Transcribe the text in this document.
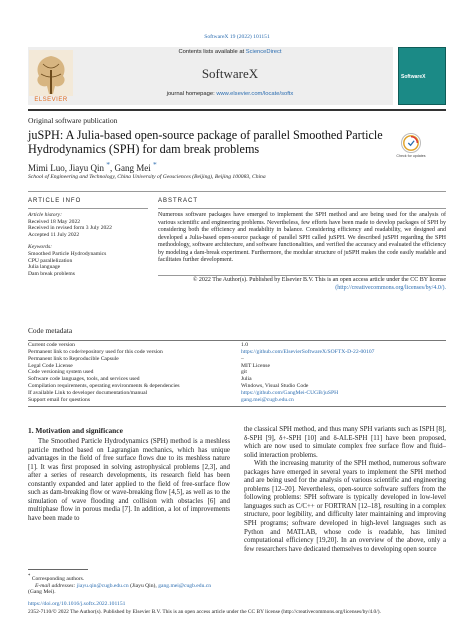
SoftwareX 19 (2022) 101151
ELSEVIER
Contents lists available at ScienceDirect
SoftwareX
journal homepage: www.elsevier.com/locate/softx
SoftwareX
Original software publication
juSPH: A Julia-based open-source package of parallel Smoothed Particle Hydrodynamics (SPH) for dam break problems	Check for updates
Mimi Luo, Jiayu Qin *, Gang Mei *
School of Engineering and Technology, China University of Geosciences (Beijing), Beijing 100083, China
ARTICLE INFO	ABSTRACT
Article history:
Received 18 May 2022
Received in revised form 3 July 2022
Accepted 11 July 2022
Keywords:
Smoothed Particle Hydrodynamics
CPU parallelization
Julia language
Dam break problems
Numerous software packages have emerged to implement the SPH method and are being used for the analysis of various scientific and engineering problems. Nevertheless, few efforts have been made to develop packages of SPH by considering both the efficiency and readability in balance. Considering efficiency and readability, we designed and developed a Julia-based open-source package of parallel SPH called juSPH. We described juSPH regarding the SPH methodology, software architecture, and software functionalities, and verified the accuracy and evaluated the efficiency by modeling a dam-break experiment. Furthermore, the modular structure of juSPH makes the code easily readable and facilitates further development.
© 2022 The Author(s). Published by Elsevier B.V. This is an open access article under the CC BY license
(http://creativecommons.org/licenses/by/4.0/).
Code metadata
Current code version	1.0
Permanent link to code/repository used for this code version	https://github.com/ElsevierSoftwareX/SOFTX-D-22-00107
Permanent link to Reproducible Capsule	–
Legal Code License	MIT License
Code versioning system used	git
Software code languages, tools, and services used	Julia
Compilation requirements, operating environments & dependencies	Windows, Visual Studio Code
If available Link to developer documentation/manual	https://github.com/GangMei-CUGB/juSPH
Support email for questions	gang.mei@cugb.edu.cn
1. Motivation and significance
The Smoothed Particle Hydrodynamics (SPH) method is a meshless particle method based on Lagrangian mechanics, which has unique advantages in the field of free surface flows due to its meshless nature [1]. It was first proposed in solving astrophysical problems [2,3], and after a series of research developments, its research field has been constantly expanded and later applied to the field of free-surface flow such as dam-breaking flow or wave-breaking flow [4,5], as well as to the simulation of wave flooding and collision with obstacles [6] and multiphase flow in porous media [7]. In addition, a lot of improvements have been made to

the classical SPH method, and thus many SPH variants such as ISPH [8], δ-SPH [9], δ+-SPH [10] and δ-ALE-SPH [11] have been proposed, which are now used to simulate complex free surface flow and fluid–solid interaction problems.

With the increasing maturity of the SPH method, numerous software packages have emerged in several years to implement the SPH method and are being used for the analysis of various scientific and engineering problems [12–20]. Nevertheless, open-source software suffers from the following problems: SPH software is typically developed in low-level languages such as C/C++ or FORTRAN [12–18], resulting in a complex structure, poor legibility, and difficulty later maintaining and improving SPH programs; software developed in high-level languages such as Python and MATLAB, whose code is readable, has limited computational efficiency [19,20]. In an overview of the above, only a few researchers have dedicated themselves to developing open source

* Corresponding authors.
E-mail addresses: jiayu.qin@cugb.edu.cn (Jiayu Qin), gang.mei@cugb.edu.cn
(Gang Mei).
https://doi.org/10.1016/j.softx.2022.101151
2352-7110/© 2022 The Author(s). Published by Elsevier B.V. This is an open access article under the CC BY license (http://creativecommons.org/licenses/by/4.0/).
